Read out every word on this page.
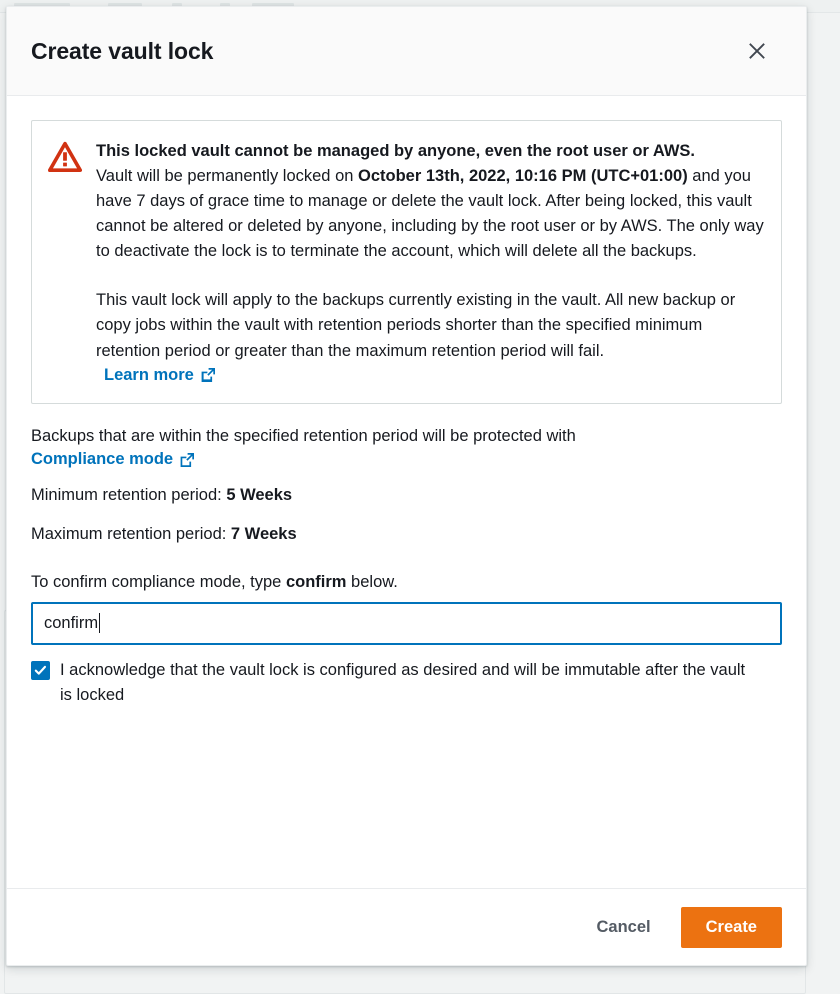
Create vault lock

This locked vault cannot be managed by anyone, even the root user or AWS.

Vault will be permanently locked on October 13th, 2022, 10:16 PM (UTC+01:00) and you have 7 days of grace time to manage or delete the vault lock. After being locked, this vault cannot be altered or deleted by anyone, including by the root user or by AWS. The only way to deactivate the lock is to terminate the account, which will delete all the backups.

This vault lock will apply to the backups currently existing in the vault. All new backup or copy jobs within the vault with retention periods shorter than the specified minimum retention period or greater than the maximum retention period will fail.

Learn more

Backups that are within the specified retention period will be protected with

Compliance mode

Minimum retention period: 5 Weeks

Maximum retention period: 7 Weeks

To confirm compliance mode, type confirm below.

confirm
I acknowledge that the vault lock is configured as desired and will be immutable after the vault is locked
Cancel	Create
